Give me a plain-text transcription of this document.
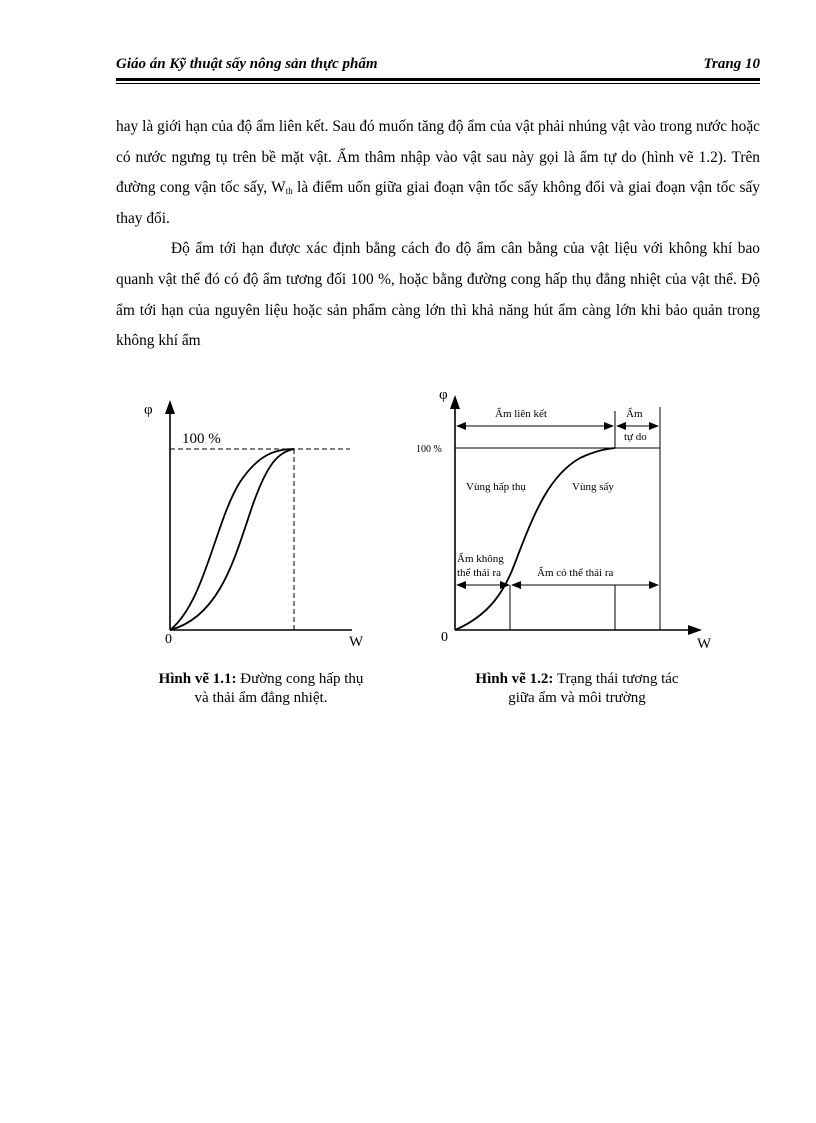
Giáo án Kỹ thuật sấy nông sản thực phẩm	Trang 10

hay là giới hạn của độ ẩm liên kết. Sau đó muốn tăng độ ẩm của vật phải nhúng vật vào trong nước hoặc có nước ngưng tụ trên bề mặt vật. Ẩm thâm nhập vào vật sau này gọi là ẩm tự do (hình vẽ 1.2). Trên đường cong vận tốc sấy, $W_{th}$ là điểm uốn giữa giai đoạn vận tốc sấy không đổi và giai đoạn vận tốc sấy thay đổi.

Độ ẩm tới hạn được xác định bằng cách đo độ ẩm cân bằng của vật liệu với không khí bao quanh vật thể đó có độ ẩm tương đối 100 %, hoặc bằng đường cong hấp thụ đẳng nhiệt của vật thể. Độ ẩm tới hạn của nguyên liệu hoặc sản phẩm càng lớn thì khả năng hút ẩm càng lớn khi bảo quản trong không khí ẩm

φ
100 %
0	W
Hình vẽ 1.1: Đường cong hấp thụ
và thải ẩm đẳng nhiệt.
φ
100 %
Ẩm liên kết	Ẩm
tự do
Vùng hấp thụ	Vùng sấy
Ẩm không
thể thải ra	Ẩm có thể thải ra
0	W
Hình vẽ 1.2: Trạng thái tương tác
giữa ẩm và môi trường
